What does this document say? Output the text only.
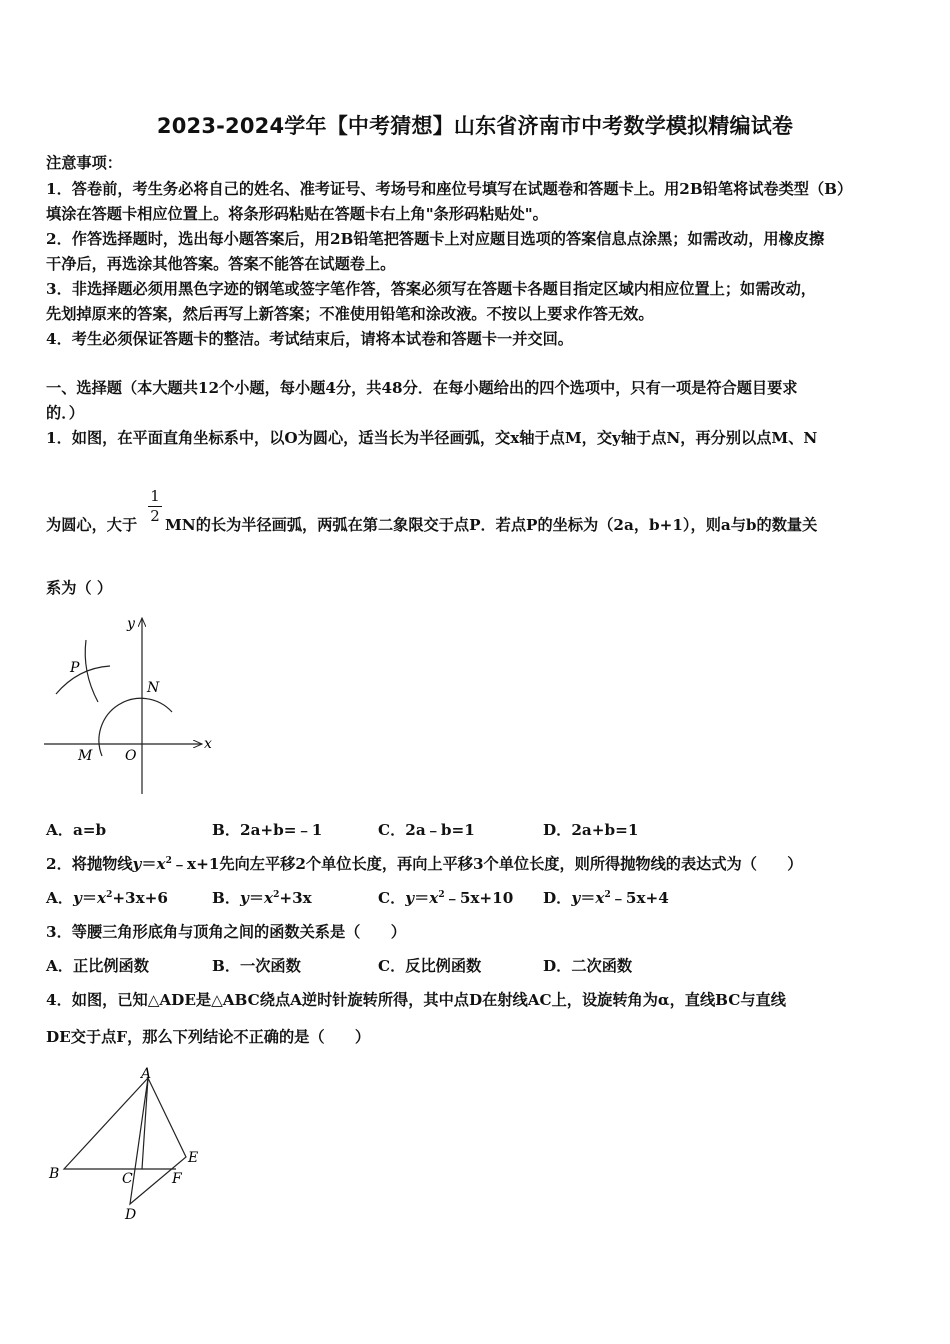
2023-2024学年【中考猜想】山东省济南市中考数学模拟精编试卷
注意事项：
1．答卷前，考生务必将自己的姓名、准考证号、考场号和座位号填写在试题卷和答题卡上。用2B铅笔将试卷类型（B）
填涂在答题卡相应位置上。将条形码粘贴在答题卡右上角"条形码粘贴处"。
2．作答选择题时，选出每小题答案后，用2B铅笔把答题卡上对应题目选项的答案信息点涂黑；如需改动，用橡皮擦
干净后，再选涂其他答案。答案不能答在试题卷上。
3．非选择题必须用黑色字迹的钢笔或签字笔作答，答案必须写在答题卡各题目指定区域内相应位置上；如需改动，
先划掉原来的答案，然后再写上新答案；不准使用铅笔和涂改液。不按以上要求作答无效。
4．考生必须保证答题卡的整洁。考试结束后，请将本试卷和答题卡一并交回。
一、选择题（本大题共12个小题，每小题4分，共48分．在每小题给出的四个选项中，只有一项是符合题目要求
的．）
1．如图，在平面直角坐标系中，以O为圆心，适当长为半径画弧，交x轴于点M，交y轴于点N，再分别以点M、N
为圆心，大于
1
2 MN的长为半径画弧，两弧在第二象限交于点P．若点P的坐标为（2a，b+1），则a与b的数量关
系为（ ）
y
x
P
N
M O
A．a=b	B．2a+b=﹣1	C．2a﹣b=1	D．2a+b=1
2．将抛物线$y=x^2﹣x+1$先向左平移2个单位长度，再向上平移3个单位长度，则所得抛物线的表达式为（　　）
A．$y=x^2+3x+6$	B．$y=x^2+3x$	C．$y=x^2﹣5x+10$ D．$y=x^2﹣5x+4$
3．等腰三角形底角与顶角之间的函数关系是（　　）
A．正比例函数	B．一次函数	C．反比例函数	D．二次函数
4．如图，已知△ADE是△ABC绕点A逆时针旋转所得，其中点D在射线AC上，设旋转角为α，直线BC与直线
DE交于点F，那么下列结论不正确的是（　　）
A
B	C
D
E
F
